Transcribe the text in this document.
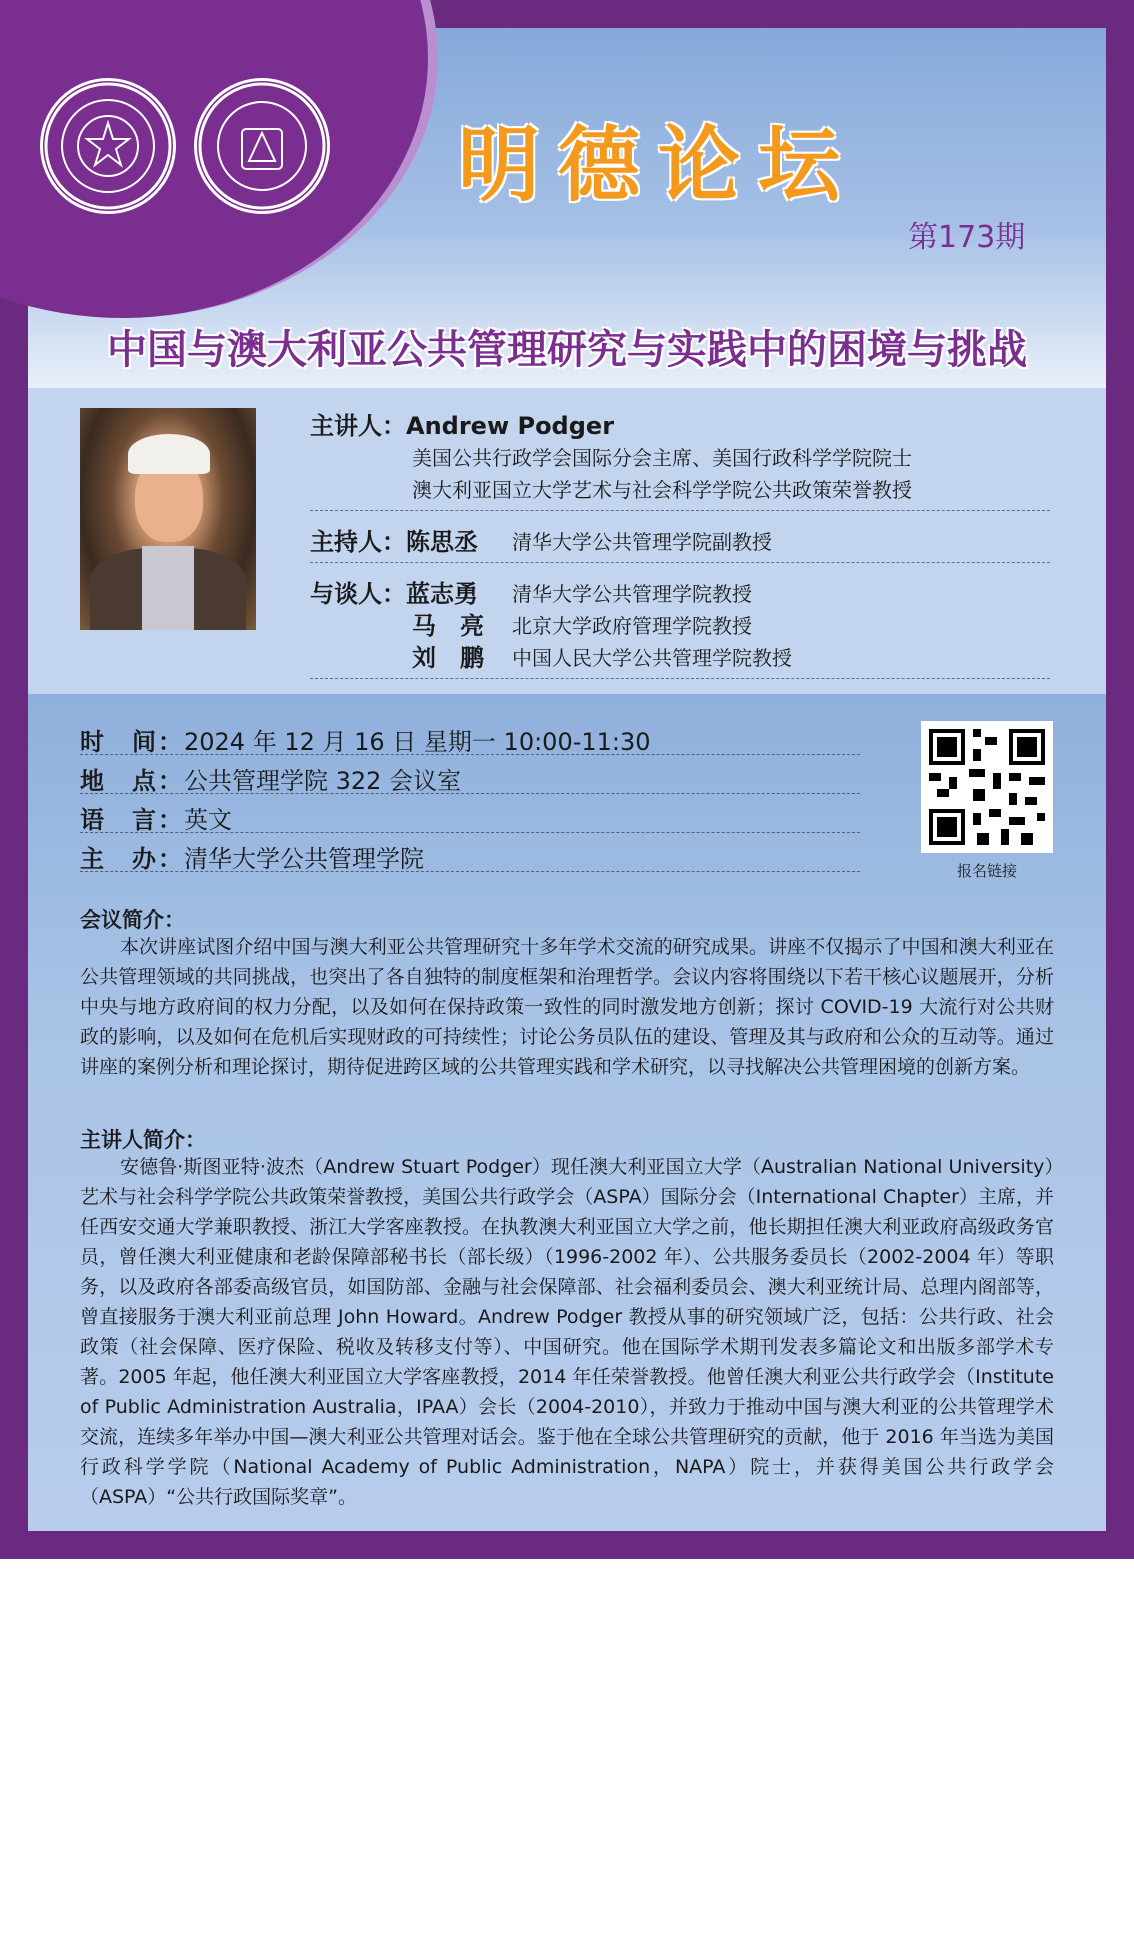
明德论坛
第173期
中国与澳大利亚公共管理研究与实践中的困境与挑战
主讲人：Andrew Podger
美国公共行政学会国际分会主席、美国行政科学学院院士
澳大利亚国立大学艺术与社会科学学院公共政策荣誉教授
主持人：陈思丞 清华大学公共管理学院副教授
与谈人：蓝志勇 清华大学公共管理学院教授
马　亮 北京大学政府管理学院教授
刘　鹏 中国人民大学公共管理学院教授
論
时　间：2024 年 12 月 16 日 星期一 10:00-11:30
地　点：公共管理学院 322 会议室
语　言：英文
主　办：清华大学公共管理学院	报名链接
会议简介：

本次讲座试图介绍中国与澳大利亚公共管理研究十多年学术交流的研究成果。讲座不仅揭示了中国和澳大利亚在公共管理领域的共同挑战，也突出了各自独特的制度框架和治理哲学。会议内容将围绕以下若干核心议题展开，分析中央与地方政府间的权力分配，以及如何在保持政策一致性的同时激发地方创新；探讨 COVID-19 大流行对公共财政的影响，以及如何在危机后实现财政的可持续性；讨论公务员队伍的建设、管理及其与政府和公众的互动等。通过讲座的案例分析和理论探讨，期待促进跨区域的公共管理实践和学术研究，以寻找解决公共管理困境的创新方案。

主讲人简介：

安德鲁·斯图亚特·波杰（Andrew Stuart Podger）现任澳大利亚国立大学（Australian National University）艺术与社会科学学院公共政策荣誉教授，美国公共行政学会（ASPA）国际分会（International Chapter）主席，并任西安交通大学兼职教授、浙江大学客座教授。在执教澳大利亚国立大学之前，他长期担任澳大利亚政府高级政务官员，曾任澳大利亚健康和老龄保障部秘书长（部长级）（1996-2002 年）、公共服务委员长（2002-2004 年）等职务，以及政府各部委高级官员，如国防部、金融与社会保障部、社会福利委员会、澳大利亚统计局、总理内阁部等，曾直接服务于澳大利亚前总理 John Howard。Andrew Podger 教授从事的研究领域广泛，包括：公共行政、社会政策（社会保障、医疗保险、税收及转移支付等）、中国研究。他在国际学术期刊发表多篇论文和出版多部学术专著。2005 年起，他任澳大利亚国立大学客座教授，2014 年任荣誉教授。他曾任澳大利亚公共行政学会（Institute of Public Administration Australia，IPAA）会长（2004-2010），并致力于推动中国与澳大利亚的公共管理学术交流，连续多年举办中国—澳大利亚公共管理对话会。鉴于他在全球公共管理研究的贡献，他于 2016 年当选为美国行政科学学院（National Academy of Public Administration，NAPA）院士，并获得美国公共行政学会（ASPA）“公共行政国际奖章”。
